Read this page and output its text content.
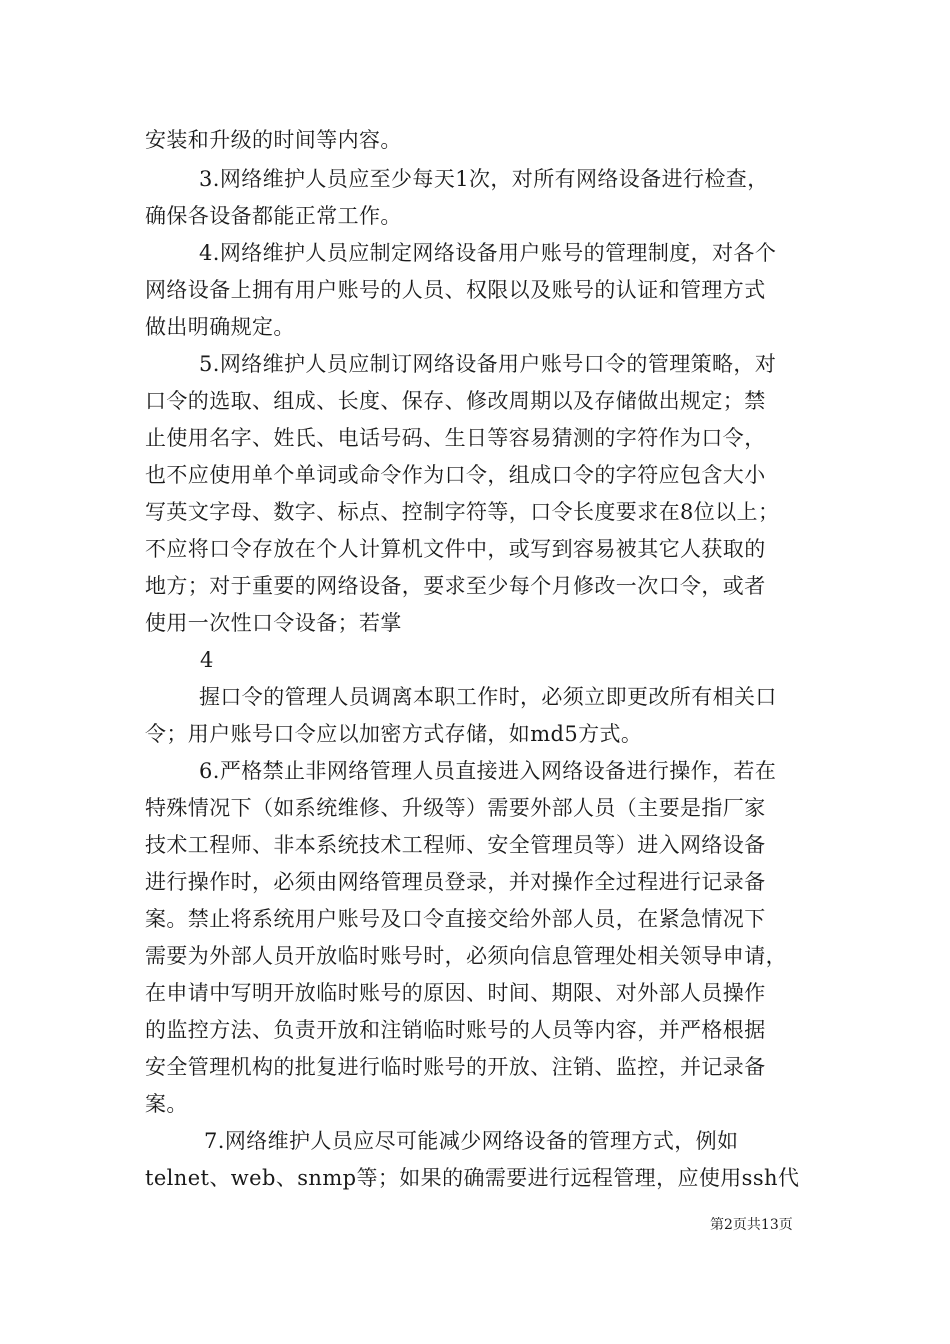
安装和升级的时间等内容。
3.网络维护人员应至少每天1次，对所有网络设备进行检查，
确保各设备都能正常工作。
4.网络维护人员应制定网络设备用户账号的管理制度，对各个
网络设备上拥有用户账号的人员、权限以及账号的认证和管理方式
做出明确规定。
5.网络维护人员应制订网络设备用户账号口令的管理策略，对
口令的选取、组成、长度、保存、修改周期以及存储做出规定；禁
止使用名字、姓氏、电话号码、生日等容易猜测的字符作为口令，
也不应使用单个单词或命令作为口令，组成口令的字符应包含大小
写英文字母、数字、标点、控制字符等，口令长度要求在8位以上；
不应将口令存放在个人计算机文件中，或写到容易被其它人获取的
地方；对于重要的网络设备，要求至少每个月修改一次口令，或者
使用一次性口令设备；若掌
4
握口令的管理人员调离本职工作时，必须立即更改所有相关口
令；用户账号口令应以加密方式存储，如md5方式。
6.严格禁止非网络管理人员直接进入网络设备进行操作，若在
特殊情况下（如系统维修、升级等）需要外部人员（主要是指厂家
技术工程师、非本系统技术工程师、安全管理员等）进入网络设备
进行操作时，必须由网络管理员登录，并对操作全过程进行记录备
案。禁止将系统用户账号及口令直接交给外部人员，在紧急情况下
需要为外部人员开放临时账号时，必须向信息管理处相关领导申请，
在申请中写明开放临时账号的原因、时间、期限、对外部人员操作
的监控方法、负责开放和注销临时账号的人员等内容，并严格根据
安全管理机构的批复进行临时账号的开放、注销、监控，并记录备
案。
7.网络维护人员应尽可能减少网络设备的管理方式，例如
telnet、web、snmp等；如果的确需要进行远程管理，应使用ssh代
第2页共13页
